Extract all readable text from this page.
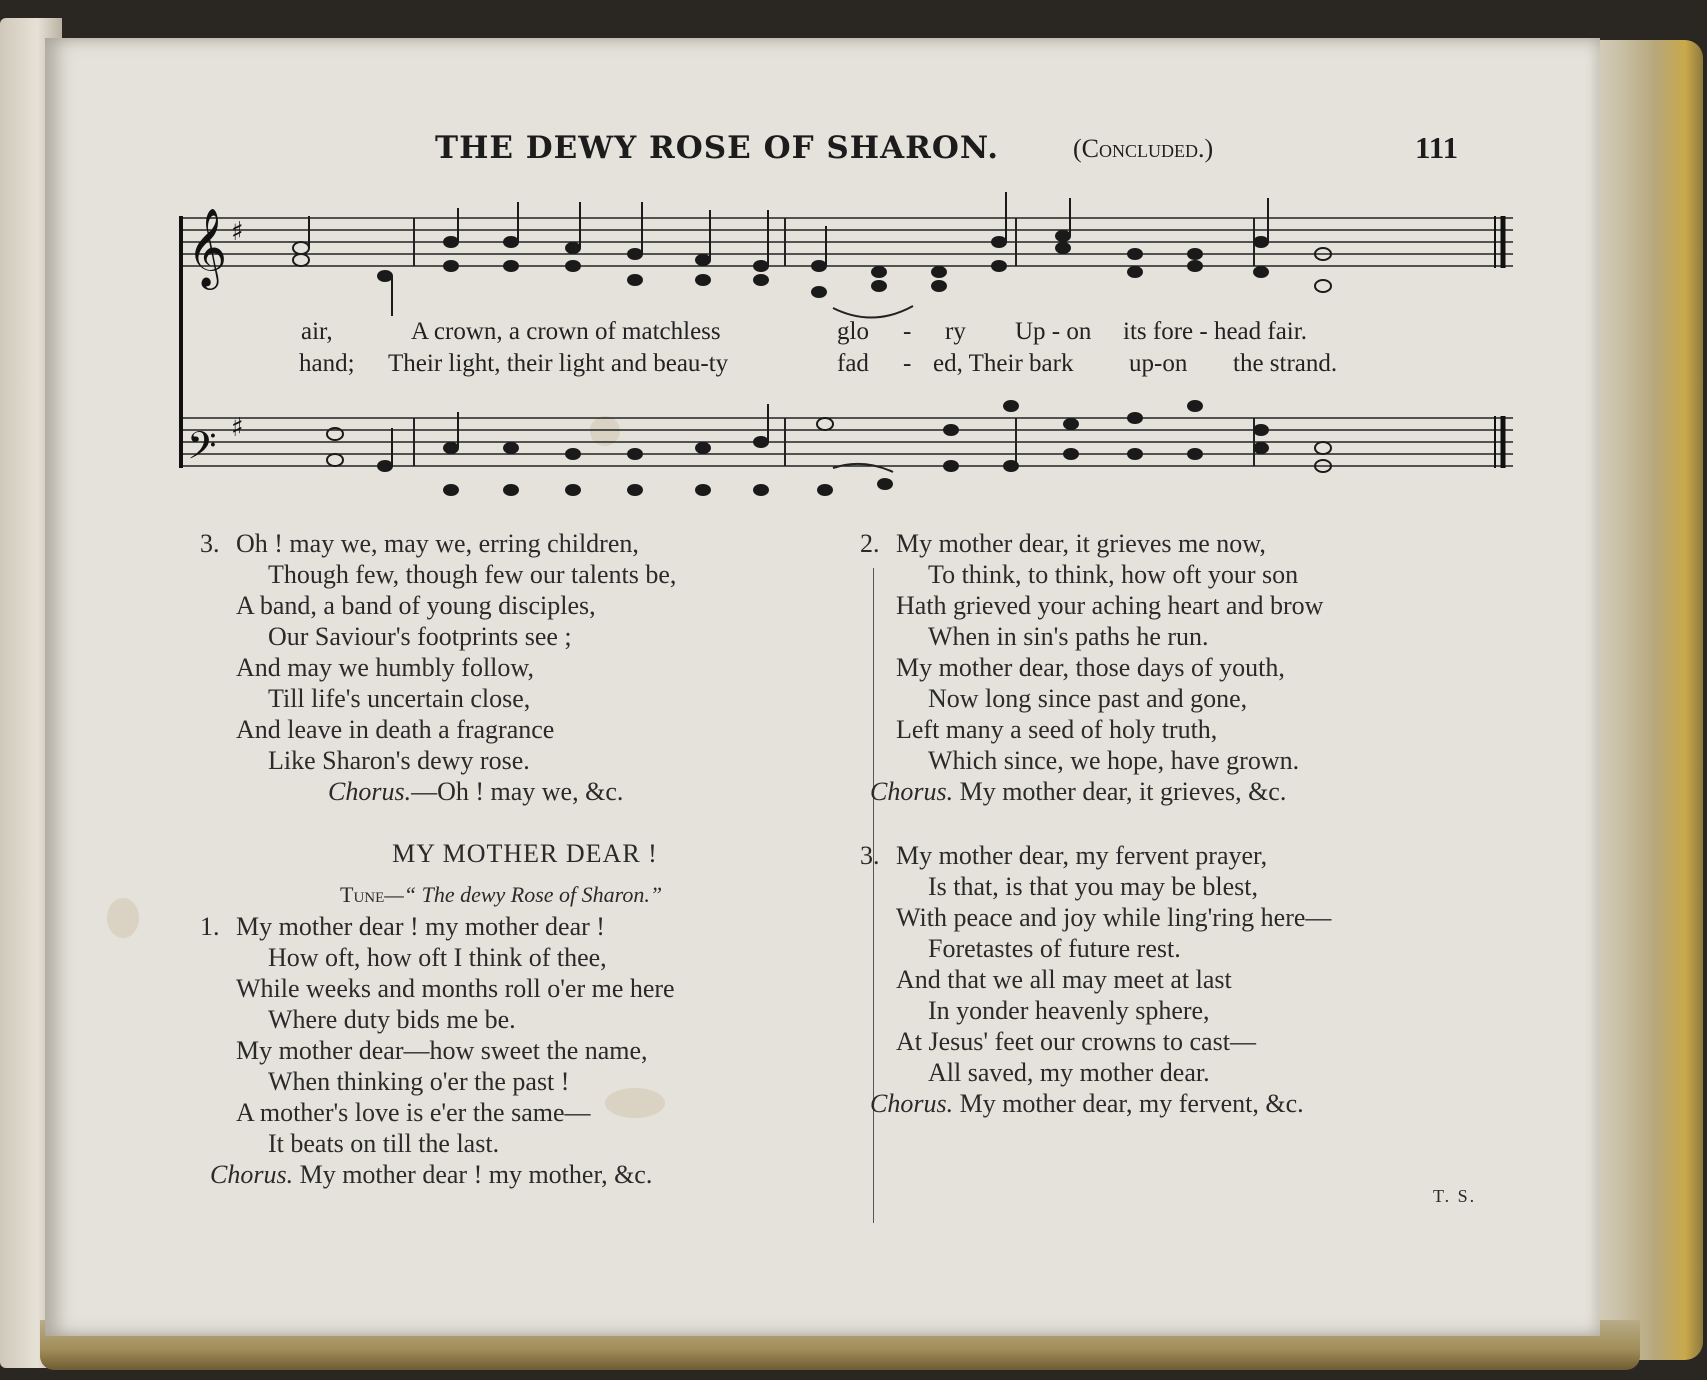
THE DEWY ROSE OF SHARON.	(Concluded.)	111
𝄞
𝄢
♯
♯
air,	A crown, a crown of matchless	glo - ry Up - on its fore - head fair.
hand; Their light, their light and beau-ty	fad - ed, Their bark up-on the strand.
3. Oh ! may we, may we, erring children,
Though few, though few our talents be,
A band, a band of young disciples,
Our Saviour's footprints see ;
And may we humbly follow,
Till life's uncertain close,
And leave in death a fragrance
Like Sharon's dewy rose.
Chorus.—Oh ! may we, &c.
MY MOTHER DEAR !
Tune—“ The dewy Rose of Sharon.”
1. My mother dear ! my mother dear !
How oft, how oft I think of thee,
While weeks and months roll o'er me here
Where duty bids me be.
My mother dear—how sweet the name,
When thinking o'er the past !
A mother's love is e'er the same—
It beats on till the last.
Chorus. My mother dear ! my mother, &c.
2. My mother dear, it grieves me now,
To think, to think, how oft your son
Hath grieved your aching heart and brow
When in sin's paths he run.
My mother dear, those days of youth,
Now long since past and gone,
Left many a seed of holy truth,
Which since, we hope, have grown.
Chorus. My mother dear, it grieves, &c.
3. My mother dear, my fervent prayer,
Is that, is that you may be blest,
With peace and joy while ling'ring here—
Foretastes of future rest.
And that we all may meet at last
In yonder heavenly sphere,
At Jesus' feet our crowns to cast—
All saved, my mother dear.
Chorus. My mother dear, my fervent, &c.
T. S.
